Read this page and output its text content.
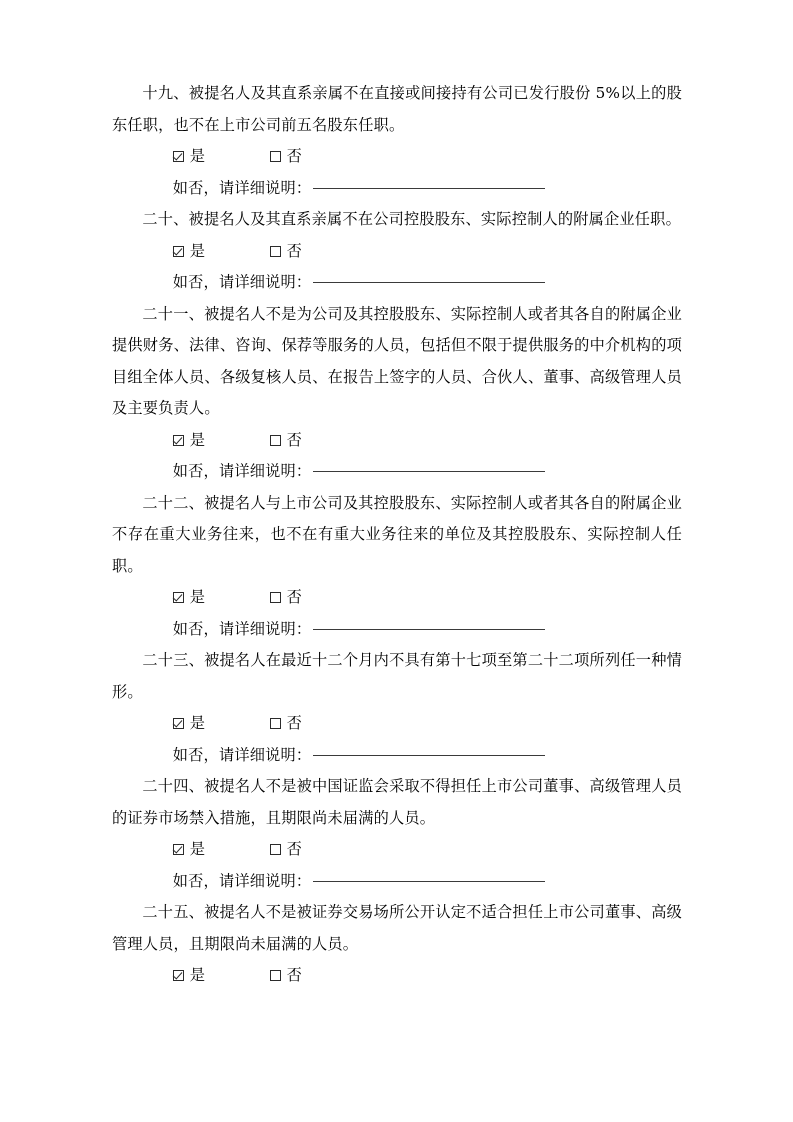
十九、被提名人及其直系亲属不在直接或间接持有公司已发行股份 5%以上的股东任职，也不在上市公司前五名股东任职。

是	否

如否，请详细说明：

二十、被提名人及其直系亲属不在公司控股股东、实际控制人的附属企业任职。

是	否

如否，请详细说明：

二十一、被提名人不是为公司及其控股股东、实际控制人或者其各自的附属企业提供财务、法律、咨询、保荐等服务的人员，包括但不限于提供服务的中介机构的项目组全体人员、各级复核人员、在报告上签字的人员、合伙人、董事、高级管理人员及主要负责人。

是	否

如否，请详细说明：

二十二、被提名人与上市公司及其控股股东、实际控制人或者其各自的附属企业不存在重大业务往来，也不在有重大业务往来的单位及其控股股东、实际控制人任职。

是	否

如否，请详细说明：

二十三、被提名人在最近十二个月内不具有第十七项至第二十二项所列任一种情形。

是	否

如否，请详细说明：

二十四、被提名人不是被中国证监会采取不得担任上市公司董事、高级管理人员的证券市场禁入措施，且期限尚未届满的人员。

是	否

如否，请详细说明：

二十五、被提名人不是被证券交易场所公开认定不适合担任上市公司董事、高级管理人员，且期限尚未届满的人员。

是	否
